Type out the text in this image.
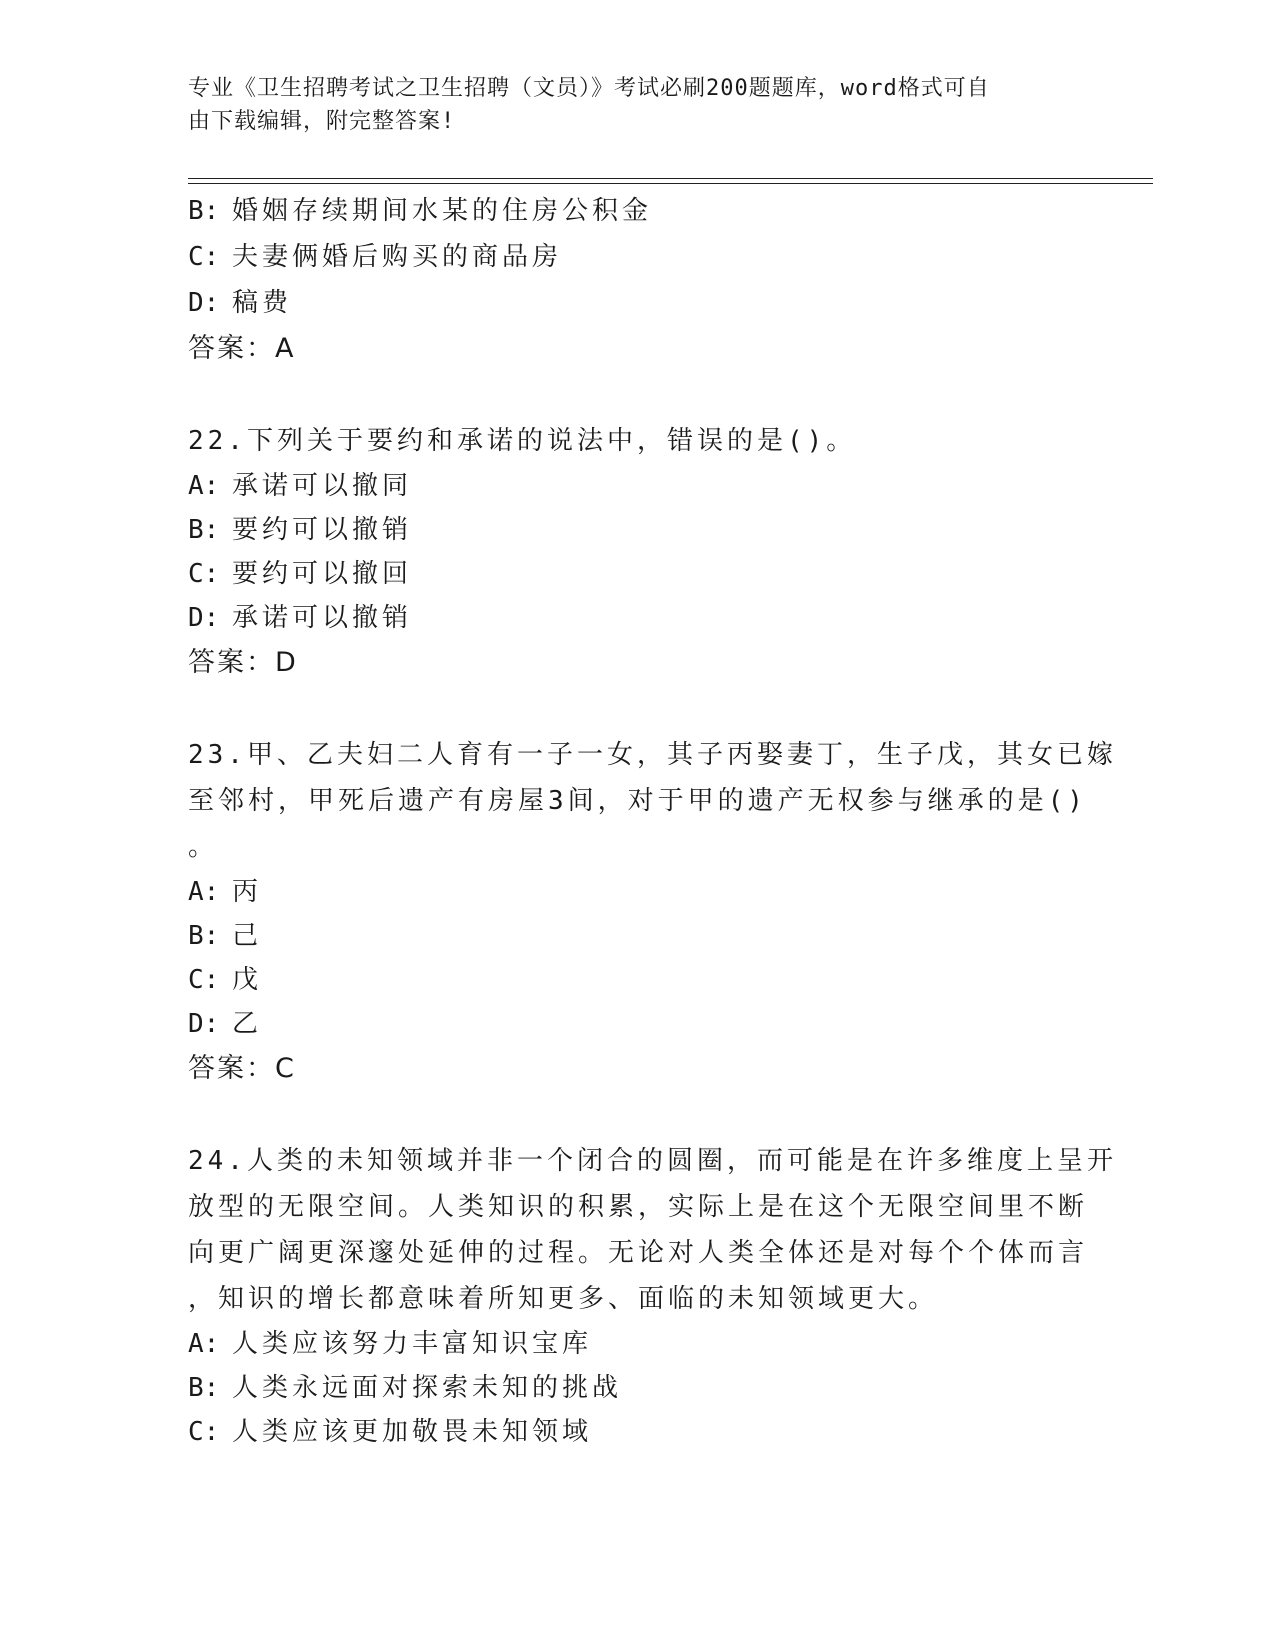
专业《卫生招聘考试之卫生招聘（文员）》考试必刷200题题库，word格式可自
由下载编辑，附完整答案!
B: 婚姻存续期间水某的住房公积金
C: 夫妻俩婚后购买的商品房
D: 稿费
答案：A
22.下列关于要约和承诺的说法中，错误的是()。
A: 承诺可以撤同
B: 要约可以撤销
C: 要约可以撤回
D: 承诺可以撤销
答案：D
23.甲、乙夫妇二人育有一子一女，其子丙娶妻丁，生子戊，其女已嫁
至邻村，甲死后遗产有房屋3间，对于甲的遗产无权参与继承的是()
。
A: 丙
B: 己
C: 戊
D: 乙
答案：C
24.人类的未知领域并非一个闭合的圆圈，而可能是在许多维度上呈开
放型的无限空间。人类知识的积累，实际上是在这个无限空间里不断
向更广阔更深邃处延伸的过程。无论对人类全体还是对每个个体而言
，知识的增长都意味着所知更多、面临的未知领域更大。
A: 人类应该努力丰富知识宝库
B: 人类永远面对探索未知的挑战
C: 人类应该更加敬畏未知领域
